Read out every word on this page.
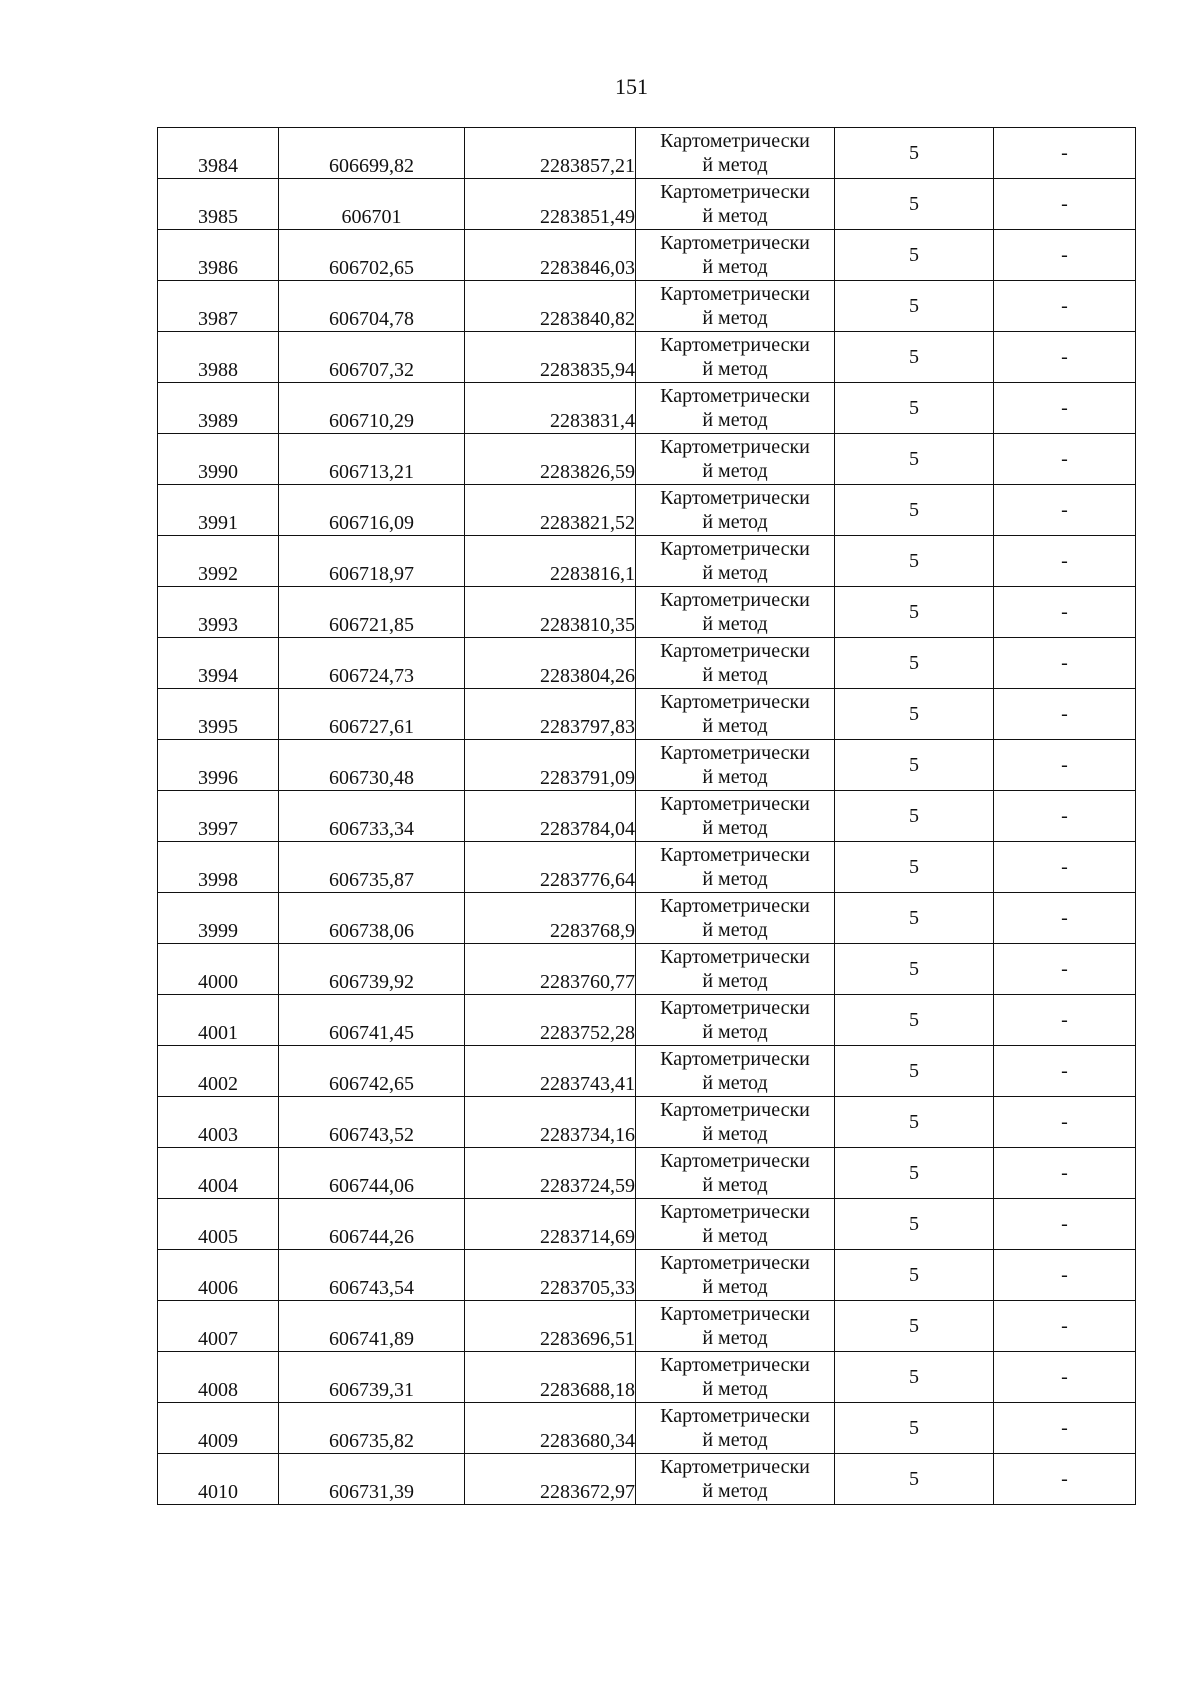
151
3984	606699,82	2283857,21	Картометрически
й метод	5	-
3985	606701	2283851,49	Картометрически
й метод	5	-
3986	606702,65	2283846,03	Картометрически
й метод	5	-
3987	606704,78	2283840,82	Картометрически
й метод	5	-
3988	606707,32	2283835,94	Картометрически
й метод	5	-
3989	606710,29	2283831,4	Картометрически
й метод	5	-
3990	606713,21	2283826,59	Картометрически
й метод	5	-
3991	606716,09	2283821,52	Картометрически
й метод	5	-
3992	606718,97	2283816,1	Картометрически
й метод	5	-
3993	606721,85	2283810,35	Картометрически
й метод	5	-
3994	606724,73	2283804,26	Картометрически
й метод	5	-
3995	606727,61	2283797,83	Картометрически
й метод	5	-
3996	606730,48	2283791,09	Картометрически
й метод	5	-
3997	606733,34	2283784,04	Картометрически
й метод	5	-
3998	606735,87	2283776,64	Картометрически
й метод	5	-
3999	606738,06	2283768,9	Картометрически
й метод	5	-
4000	606739,92	2283760,77	Картометрически
й метод	5	-
4001	606741,45	2283752,28	Картометрически
й метод	5	-
4002	606742,65	2283743,41	Картометрически
й метод	5	-
4003	606743,52	2283734,16	Картометрически
й метод	5	-
4004	606744,06	2283724,59	Картометрически
й метод	5	-
4005	606744,26	2283714,69	Картометрически
й метод	5	-
4006	606743,54	2283705,33	Картометрически
й метод	5	-
4007	606741,89	2283696,51	Картометрически
й метод	5	-
4008	606739,31	2283688,18	Картометрически
й метод	5	-
4009	606735,82	2283680,34	Картометрически
й метод	5	-
4010	606731,39	2283672,97	Картометрически
й метод	5	-
